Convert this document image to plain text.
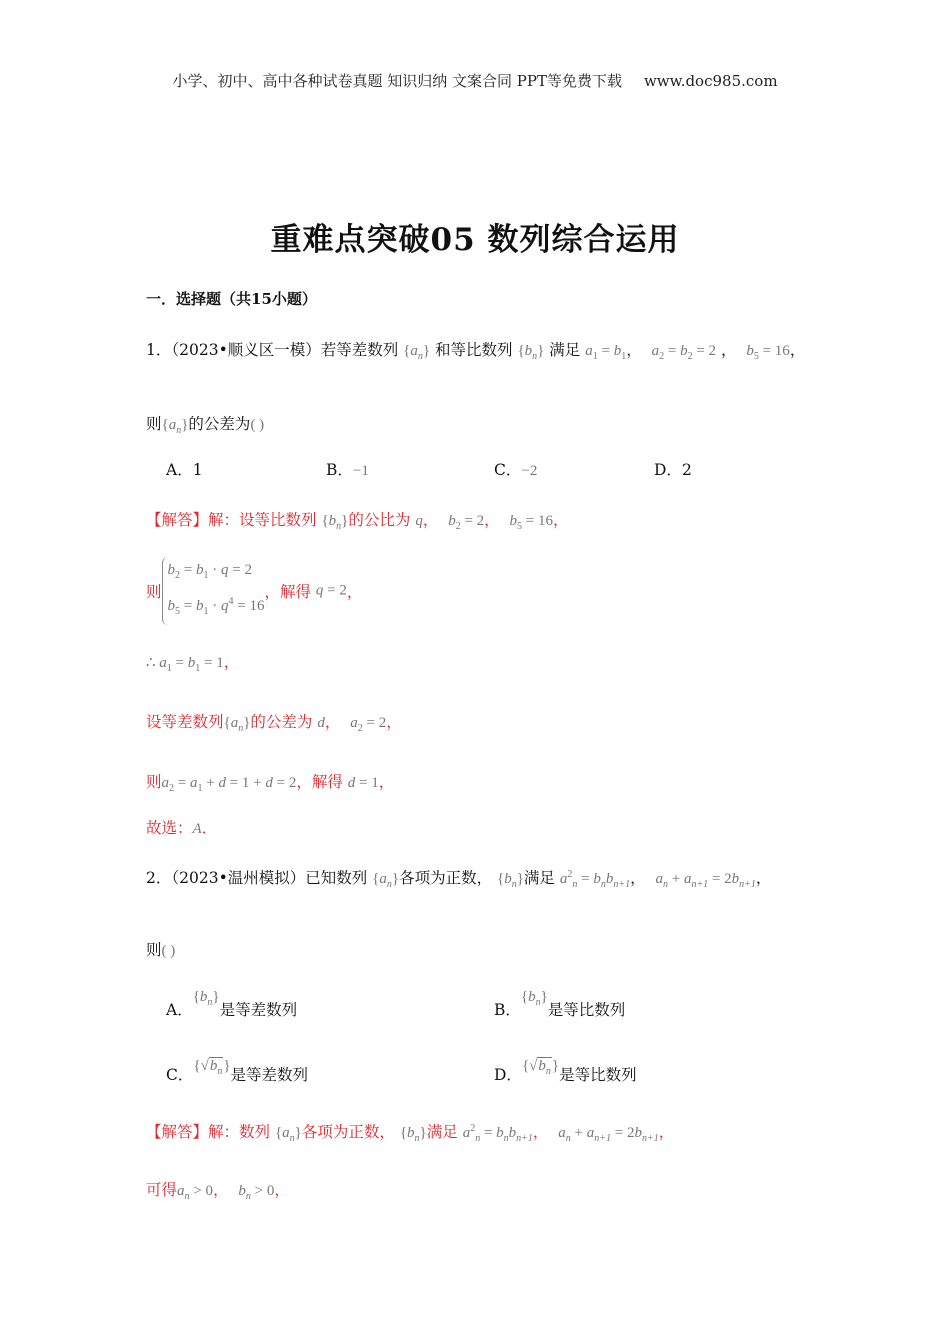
小学、初中、高中各种试卷真题 知识归纳 文案合同 PPT等免费下载 www.doc985.com
重难点突破05 数列综合运用
一．选择题（共15小题）
1．（2023•顺义区一模）若等差数列 $\{a_n\}$ 和等比数列 $\{b_n\}$ 满足 $a_1 = b_1$， $a_2 = b_2 = 2$ ， $b_5 = 16$，
则$\{a_n\}$的公差为( )
A．1	B．−1	C．−2	D．2
【解答】解：设等比数列 $\{b_n\}$的公比为 q， $b_2 = 2$， $b_5 = 16$，
则$b_2 = b_1 \cdot q = 2$
$b_5 = b_1 \cdot q^4 = 16$，解得 q = 2，
∴ $a_1 = b_1 = 1$，
设等差数列$\{a_n\}$的公差为 d， $a_2 = 2$，
则$a_2 = a_1 + d = 1 + d = 2$，解得 d = 1，
故选：A．
2．（2023•温州模拟）已知数列 $\{a_n\}$各项为正数， $\{b_n\}$满足 $a^2_n = b_nb_{n+1}$， $a_n + a_{n+1} = 2b_{n+1}$，
则( )
A．$\{b_n\}$是等差数列	B．$\{b_n\}$是等比数列
C．$\{√b_n\}$是等差数列	D．$\{√b_n\}$是等比数列
【解答】解：数列 $\{a_n\}$各项为正数， $\{b_n\}$满足 $a^2_n = b_nb_{n+1}$， $a_n + a_{n+1} = 2b_{n+1}$，
可得$a_n > 0$， $b_n > 0$，
